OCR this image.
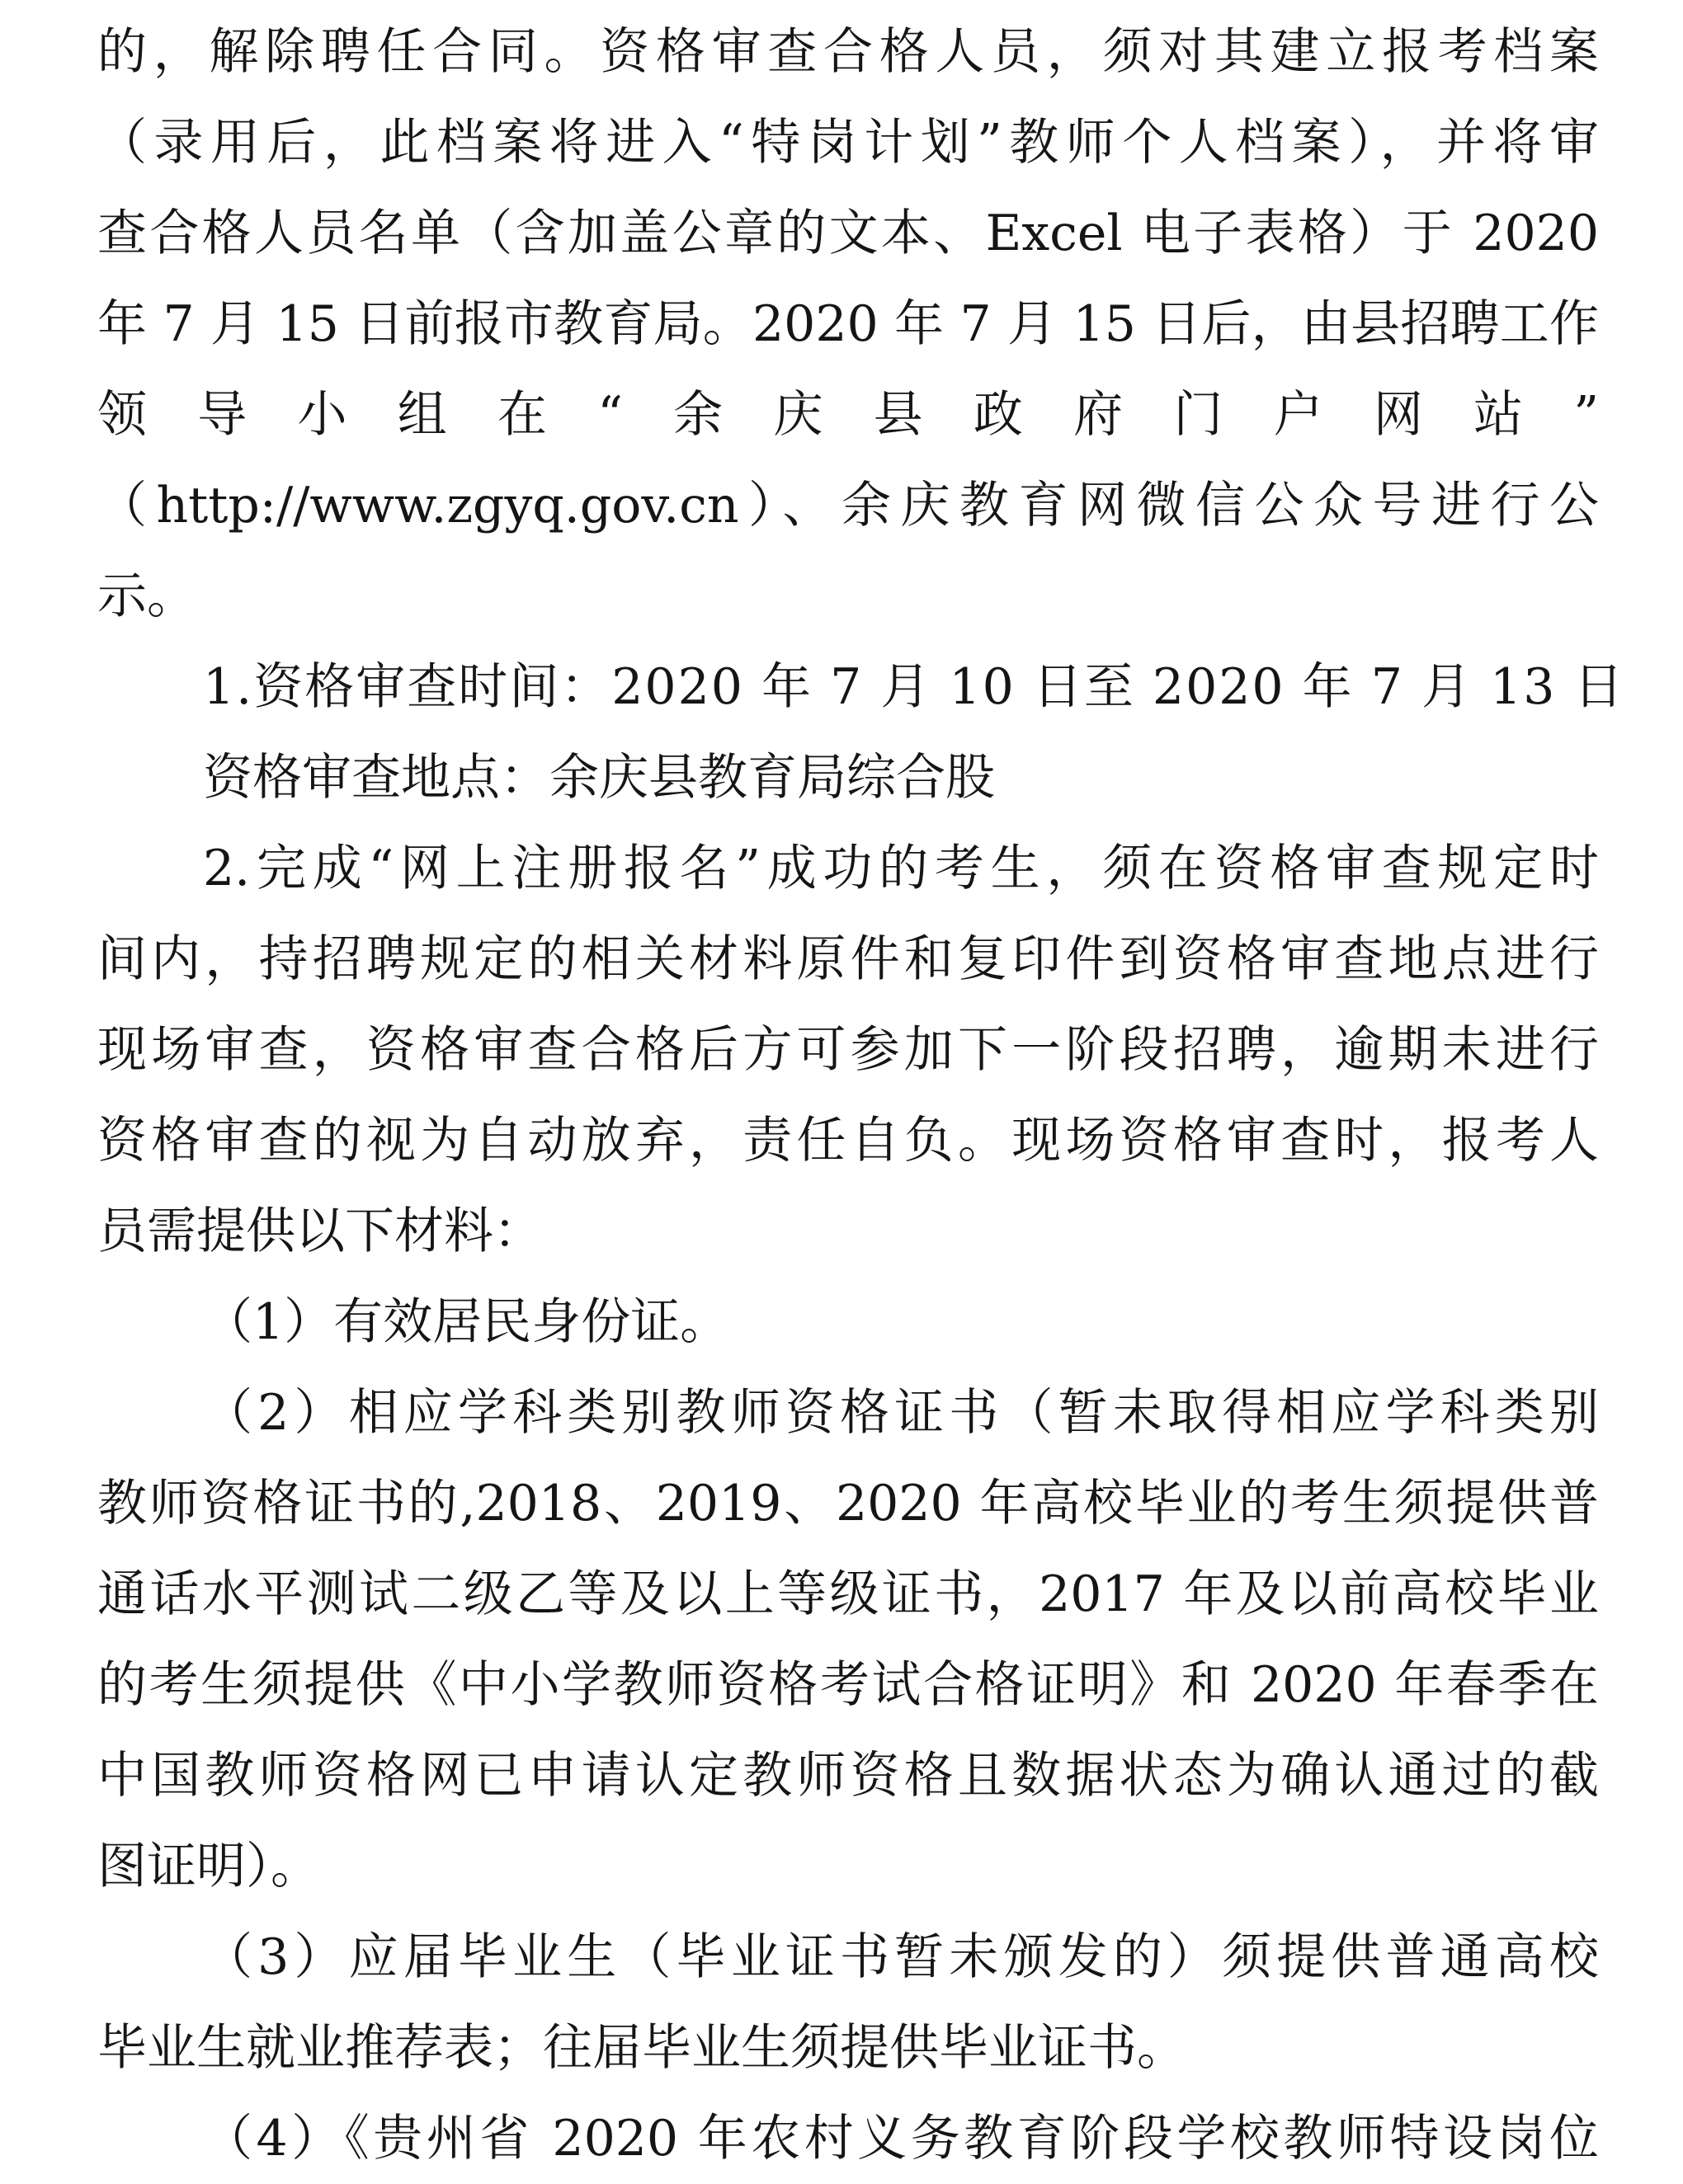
的，解除聘任合同。资格审查合格人员，须对其建立报考档案
（录用后，此档案将进入“特岗计划”教师个人档案），并将审
查合格人员名单（含加盖公章的文本、Excel 电子表格）于 2020
年 7 月 15 日前报市教育局。2020 年 7 月 15 日后，由县招聘工作
领　导　小　组　在　“　余　庆　县　政　府　门　户　网　站　”
（http://www.zgyq.gov.cn）、余庆教育网微信公众号进行公
示。
1.资格审查时间：2020 年 7 月 10 日至 2020 年 7 月 13 日
资格审查地点：余庆县教育局综合股
2.完成“网上注册报名”成功的考生，须在资格审查规定时
间内，持招聘规定的相关材料原件和复印件到资格审查地点进行
现场审查，资格审查合格后方可参加下一阶段招聘，逾期未进行
资格审查的视为自动放弃，责任自负。现场资格审查时，报考人
员需提供以下材料：
（1）有效居民身份证。
（2）相应学科类别教师资格证书（暂未取得相应学科类别
教师资格证书的,2018、2019、2020 年高校毕业的考生须提供普
通话水平测试二级乙等及以上等级证书，2017 年及以前高校毕业
的考生须提供《中小学教师资格考试合格证明》和 2020 年春季在
中国教师资格网已申请认定教师资格且数据状态为确认通过的截
图证明）。
（3）应届毕业生（毕业证书暂未颁发的）须提供普通高校
毕业生就业推荐表；往届毕业生须提供毕业证书。
（4）《贵州省 2020 年农村义务教育阶段学校教师特设岗位
